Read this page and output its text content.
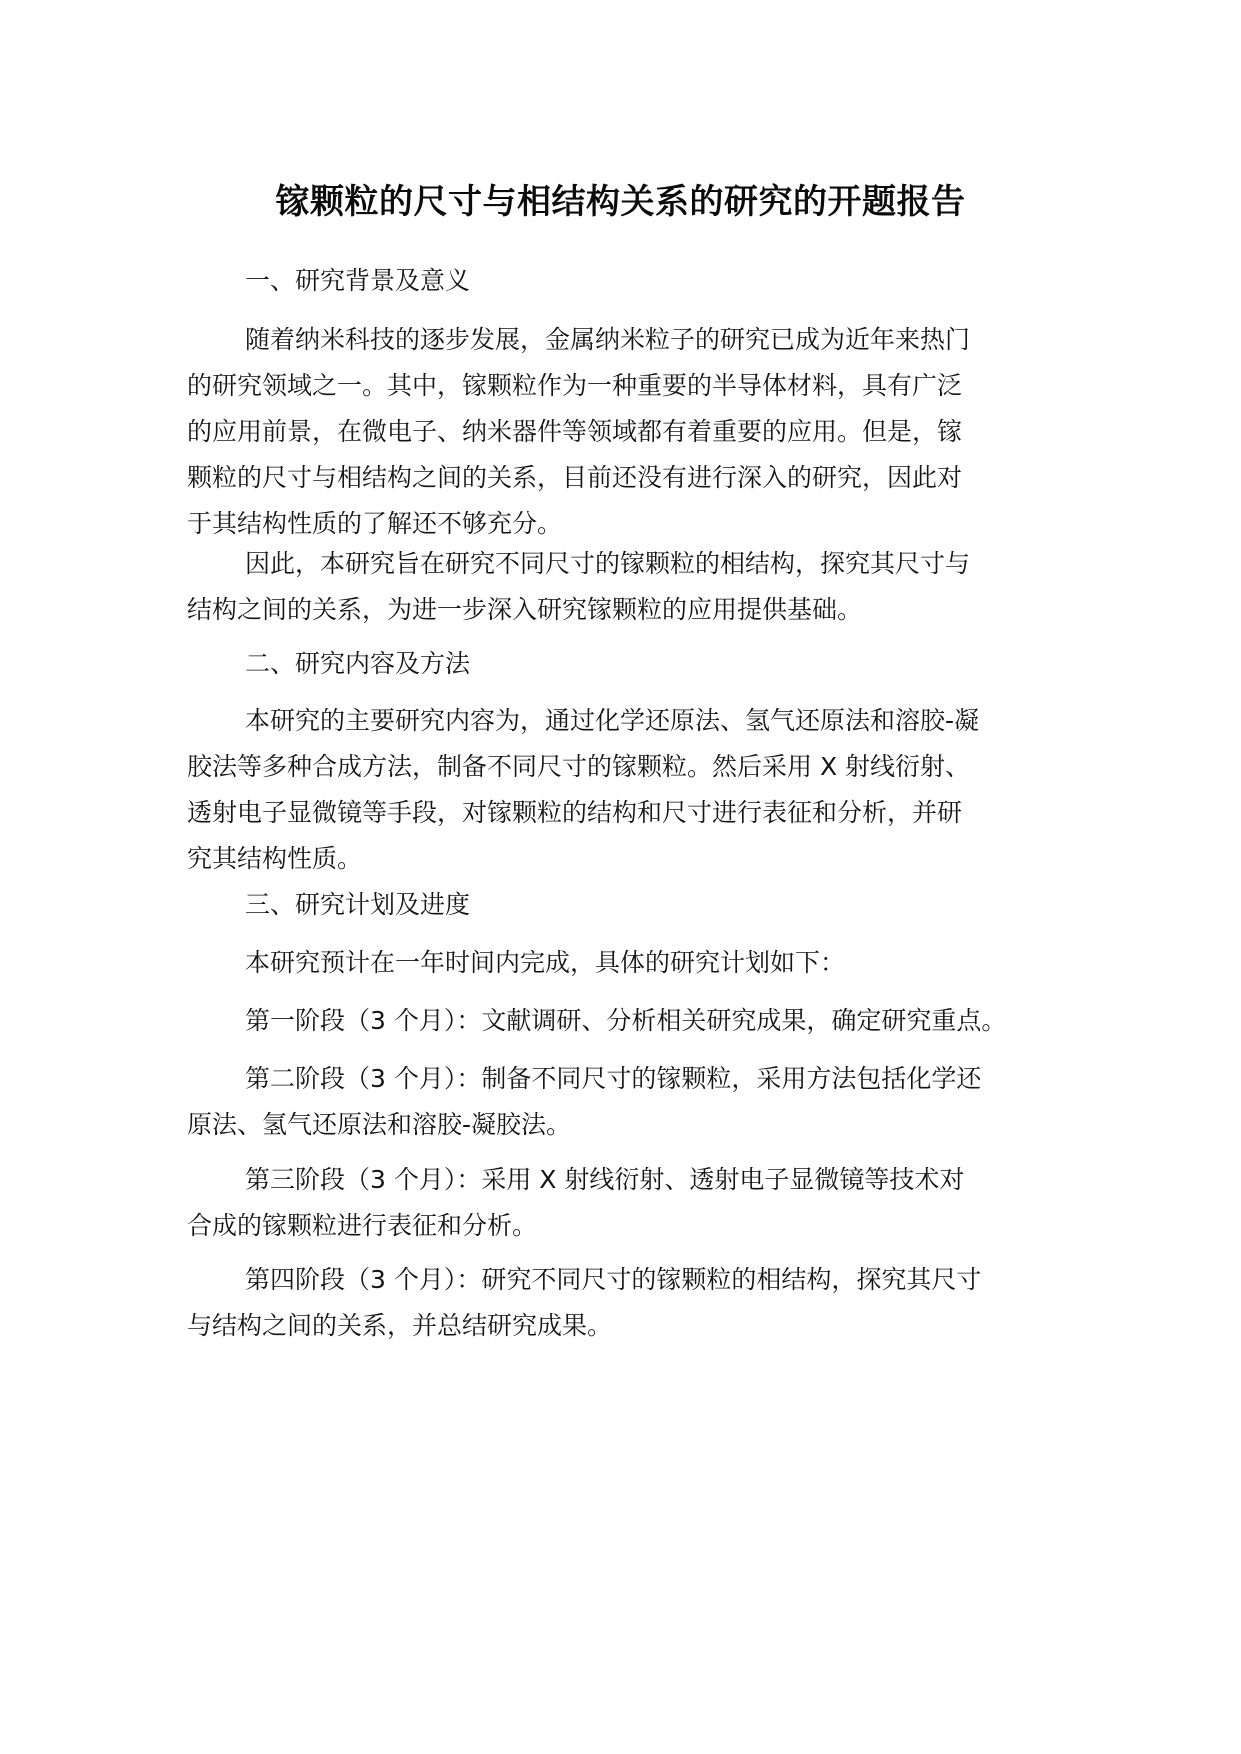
镓颗粒的尺寸与相结构关系的研究的开题报告
一、研究背景及意义
随着纳米科技的逐步发展，金属纳米粒子的研究已成为近年来热门
的研究领域之一。其中，镓颗粒作为一种重要的半导体材料，具有广泛
的应用前景，在微电子、纳米器件等领域都有着重要的应用。但是，镓
颗粒的尺寸与相结构之间的关系，目前还没有进行深入的研究，因此对
于其结构性质的了解还不够充分。
因此，本研究旨在研究不同尺寸的镓颗粒的相结构，探究其尺寸与
结构之间的关系，为进一步深入研究镓颗粒的应用提供基础。
二、研究内容及方法
本研究的主要研究内容为，通过化学还原法、氢气还原法和溶胶-凝
胶法等多种合成方法，制备不同尺寸的镓颗粒。然后采用 X 射线衍射、
透射电子显微镜等手段，对镓颗粒的结构和尺寸进行表征和分析，并研
究其结构性质。
三、研究计划及进度
本研究预计在一年时间内完成，具体的研究计划如下：
第一阶段（3 个月）：文献调研、分析相关研究成果，确定研究重点。
第二阶段（3 个月）：制备不同尺寸的镓颗粒，采用方法包括化学还
原法、氢气还原法和溶胶-凝胶法。
第三阶段（3 个月）：采用 X 射线衍射、透射电子显微镜等技术对
合成的镓颗粒进行表征和分析。
第四阶段（3 个月）：研究不同尺寸的镓颗粒的相结构，探究其尺寸
与结构之间的关系，并总结研究成果。
